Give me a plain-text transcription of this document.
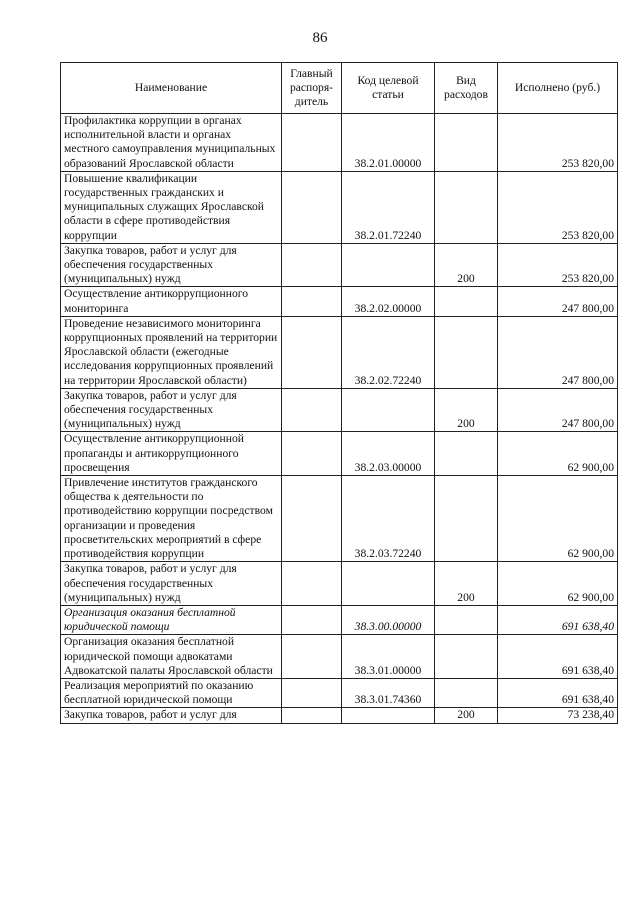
86
Наименование	Главный распоря-дитель	Код целевой статьи	Вид расходов	Исполнено (руб.)
Профилактика коррупции в органах исполнительной власти и органах местного самоуправления муниципальных образований Ярославской области		38.2.01.00000		253 820,00
Повышение квалификации государственных гражданских и муниципальных служащих Ярославской области в сфере противодействия коррупции		38.2.01.72240		253 820,00
Закупка товаров, работ и услуг для обеспечения государственных (муниципальных) нужд			200	253 820,00
Осуществление антикоррупционного мониторинга		38.2.02.00000		247 800,00
Проведение независимого мониторинга коррупционных проявлений на территории Ярославской области (ежегодные исследования коррупционных проявлений на территории Ярославской области)		38.2.02.72240		247 800,00
Закупка товаров, работ и услуг для обеспечения государственных (муниципальных) нужд			200	247 800,00
Осуществление антикоррупционной пропаганды и антикоррупционного просвещения		38.2.03.00000		62 900,00
Привлечение институтов гражданского общества к деятельности по противодействию коррупции посредством организации и проведения просветительских мероприятий в сфере противодействия коррупции		38.2.03.72240		62 900,00
Закупка товаров, работ и услуг для обеспечения государственных (муниципальных) нужд			200	62 900,00
Организация оказания бесплатной юридической помощи		38.3.00.00000		691 638,40
Организация оказания бесплатной юридической помощи адвокатами Адвокатской палаты Ярославской области		38.3.01.00000		691 638,40
Реализация мероприятий по оказанию бесплатной юридической помощи		38.3.01.74360		691 638,40
Закупка товаров, работ и услуг для			200	73 238,40
